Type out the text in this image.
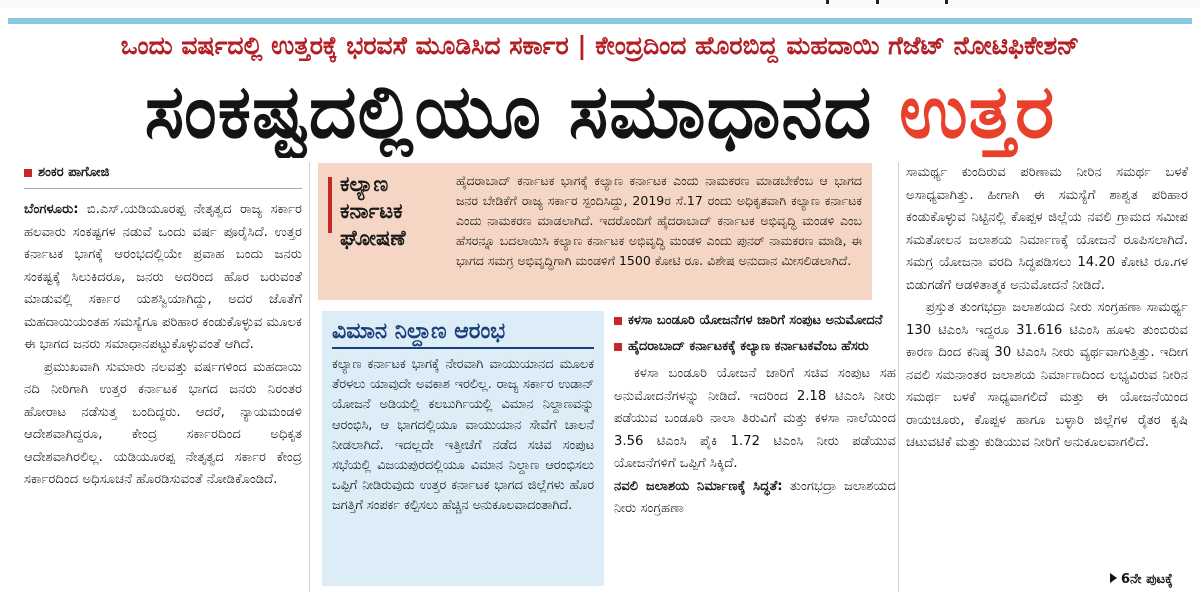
ಒಂದು ವರ್ಷದಲ್ಲಿ ಉತ್ತರಕ್ಕೆ ಭರವಸೆ ಮೂಡಿಸಿದ ಸರ್ಕಾರ | ಕೇಂದ್ರದಿಂದ ಹೊರಬಿದ್ದ ಮಹದಾಯಿ ಗೆಜೆಟ್ ನೋಟಿಫಿಕೇಶನ್
ಸಂಕಷ್ಟದಲ್ಲಿಯೂ ಸಮಾಧಾನದ ಉತ್ತರ
ಶಂಕರ ಪಾಗೋಜಿ

ಬೆಂಗಳೂರು: ಬಿ.ಎಸ್.ಯಡಿಯೂರಪ್ಪ ನೇತೃತ್ವದ ರಾಜ್ಯ ಸರ್ಕಾರ ಹಲವಾರು ಸಂಕಷ್ಟಗಳ ನಡುವೆ ಒಂದು ವರ್ಷ ಪೂರೈಸಿದೆ. ಉತ್ತರ ಕರ್ನಾಟಕ ಭಾಗಕ್ಕೆ ಆರಂಭದಲ್ಲಿಯೇ ಪ್ರವಾಹ ಬಂದು ಜನರು ಸಂಕಷ್ಟಕ್ಕೆ ಸಿಲುಕಿದರೂ, ಜನರು ಅದರಿಂದ ಹೊರ ಬರುವಂತೆ ಮಾಡುವಲ್ಲಿ ಸರ್ಕಾರ ಯಶಸ್ವಿಯಾಗಿದ್ದು, ಅದರ ಜೊತೆಗೆ ಮಹದಾಯಿಯಂತಹ ಸಮಸ್ಯೆಗೂ ಪರಿಹಾರ ಕಂಡುಕೊಳ್ಳುವ ಮೂಲಕ ಈ ಭಾಗದ ಜನರು ಸಮಾಧಾನಪಟ್ಟುಕೊಳ್ಳುವಂತೆ ಆಗಿದೆ.

ಪ್ರಮುಖವಾಗಿ ಸುಮಾರು ನಲವತ್ತು ವರ್ಷಗಳಿಂದ ಮಹದಾಯಿ ನದಿ ನೀರಿಗಾಗಿ ಉತ್ತರ ಕರ್ನಾಟಕ ಭಾಗದ ಜನರು ನಿರಂತರ ಹೋರಾಟ ನಡೆಸುತ್ತ ಬಂದಿದ್ದರು. ಆದರೆ, ನ್ಯಾಯಮಂಡಳಿ ಆದೇಶವಾಗಿದ್ದರೂ, ಕೇಂದ್ರ ಸರ್ಕಾರದಿಂದ ಅಧಿಕೃತ ಆದೇಶವಾಗಿರಲಿಲ್ಲ. ಯಡಿಯೂರಪ್ಪ ನೇತೃತ್ವದ ಸರ್ಕಾರ ಕೇಂದ್ರ ಸರ್ಕಾರದಿಂದ ಅಧಿಸೂಚನೆ ಹೊರಡಿಸುವಂತೆ ನೋಡಿಕೊಂಡಿದೆ.

ಕಲ್ಯಾಣ ಕರ್ನಾಟಕ ಘೋಷಣೆ
ಹೈದರಾಬಾದ್ ಕರ್ನಾಟಕ ಭಾಗಕ್ಕೆ ಕಲ್ಯಾಣ ಕರ್ನಾಟಕ ಎಂದು ನಾಮಕರಣ ಮಾಡಬೇಕೆಂಬ ಆ ಭಾಗದ ಜನರ ಬೇಡಿಕೆಗೆ ರಾಜ್ಯ ಸರ್ಕಾರ ಸ್ಪಂದಿಸಿದ್ದು, 2019ರ ಸೆ.17 ರಂದು ಅಧಿಕೃತವಾಗಿ ಕಲ್ಯಾಣ ಕರ್ನಾಟಕ ಎಂದು ನಾಮಕರಣ ಮಾಡಲಾಗಿದೆ. ಇದರೊಂದಿಗೆ ಹೈದರಾಬಾದ್ ಕರ್ನಾಟಕ ಅಭಿವೃದ್ಧಿ ಮಂಡಳಿ ಎಂಬ ಹೆಸರನ್ನೂ ಬದಲಾಯಿಸಿ ಕಲ್ಯಾಣ ಕರ್ನಾಟಕ ಅಭಿವೃದ್ಧಿ ಮಂಡಳಿ ಎಂದು ಪುನರ್ ನಾಮಕರಣ ಮಾಡಿ, ಈ ಭಾಗದ ಸಮಗ್ರ ಅಭಿವೃದ್ಧಿಗಾಗಿ ಮಂಡಳಿಗೆ 1500 ಕೋಟಿ ರೂ. ವಿಶೇಷ ಅನುದಾನ ಮೀಸಲಿಡಲಾಗಿದೆ.
ವಿಮಾನ ನಿಲ್ದಾಣ ಆರಂಭ
ಕಲ್ಯಾಣ ಕರ್ನಾಟಕ ಭಾಗಕ್ಕೆ ನೇರವಾಗಿ ವಾಯುಯಾನದ ಮೂಲಕ ತೆರಳಲು ಯಾವುದೇ ಅವಕಾಶ ಇರಲಿಲ್ಲ. ರಾಜ್ಯ ಸರ್ಕಾರ ಉಡಾನ್ ಯೋಜನೆ ಅಡಿಯಲ್ಲಿ ಕಲಬುರ್ಗಿಯಲ್ಲಿ ವಿಮಾನ ನಿಲ್ದಾಣವನ್ನು ಆರಂಭಿಸಿ, ಆ ಭಾಗದಲ್ಲಿಯೂ ವಾಯುಯಾನ ಸೇವೆಗೆ ಚಾಲನೆ ನೀಡಲಾಗಿದೆ. ಇದಲ್ಲದೇ ಇತ್ತೀಚೆಗೆ ನಡೆದ ಸಚಿವ ಸಂಪುಟ ಸಭೆಯಲ್ಲಿ ವಿಜಯಪುರದಲ್ಲಿಯೂ ವಿಮಾನ ನಿಲ್ದಾಣ ಆರಂಭಿಸಲು ಒಪ್ಪಿಗೆ ನೀಡಿರುವುದು ಉತ್ತರ ಕರ್ನಾಟಕ ಭಾಗದ ಜಿಲ್ಲೆಗಳು ಹೊರ ಜಗತ್ತಿಗೆ ಸಂಪರ್ಕ ಕಲ್ಪಿಸಲು ಹೆಚ್ಚಿನ ಅನುಕೂಲವಾದಂತಾಗಿದೆ.
ಕಳಸಾ ಬಂಡೂರಿ ಯೋಜನೆಗಳ ಜಾರಿಗೆ ಸಂಪುಟ ಅನುಮೋದನೆ
ಹೈದರಾಬಾದ್ ಕರ್ನಾಟಕಕ್ಕೆ ಕಲ್ಯಾಣ ಕರ್ನಾಟಕವೆಂಬ ಹೆಸರು

ಕಳಸಾ ಬಂಡೂರಿ ಯೋಜನೆ ಜಾರಿಗೆ ಸಚಿವ ಸಂಪುಟ ಸಹ ಅನುಮೋದನೆಗಳನ್ನು ನೀಡಿದೆ. ಇದರಿಂದ 2.18 ಟಿಎಂಸಿ ನೀರು ಪಡೆಯುವ ಬಂಡೂರಿ ನಾಲಾ ತಿರುವಿಗೆ ಮತ್ತು ಕಳಸಾ ನಾಲೆಯಿಂದ 3.56 ಟಿಎಂಸಿ ಪೈಕಿ 1.72 ಟಿಎಂಸಿ ನೀರು ಪಡೆಯುವ ಯೋಜನೆಗಳಿಗೆ ಒಪ್ಪಿಗೆ ಸಿಕ್ಕಿದೆ.

ನವಲಿ ಜಲಾಶಯ ನಿರ್ಮಾಣಕ್ಕೆ ಸಿದ್ಧತೆ: ತುಂಗಭದ್ರಾ ಜಲಾಶಯದ ನೀರು ಸಂಗ್ರಹಣಾ

ಸಾಮರ್ಥ್ಯ ಕುಂದಿರುವ ಪರಿಣಾಮ ನೀರಿನ ಸಮರ್ಥ ಬಳಕೆ ಅಸಾಧ್ಯವಾಗಿತ್ತು. ಹೀಗಾಗಿ ಈ ಸಮಸ್ಯೆಗೆ ಶಾಶ್ವತ ಪರಿಹಾರ ಕಂಡುಕೊಳ್ಳುವ ನಿಟ್ಟಿನಲ್ಲಿ ಕೊಪ್ಪಳ ಜಿಲ್ಲೆಯ ನವಲಿ ಗ್ರಾಮದ ಸಮೀಪ ಸಮತೋಲನ ಜಲಾಶಯ ನಿರ್ಮಾಣಕ್ಕೆ ಯೋಜನೆ ರೂಪಿಸಲಾಗಿದೆ. ಸಮಗ್ರ ಯೋಜನಾ ವರದಿ ಸಿದ್ಧಪಡಿಸಲು 14.20 ಕೋಟಿ ರೂ.ಗಳ ಬಿಡುಗಡೆಗೆ ಆಡಳಿತಾತ್ಮಕ ಅನುಮೋದನೆ ನೀಡಿದೆ.

ಪ್ರಸ್ತುತ ತುಂಗಭದ್ರಾ ಜಲಾಶಯದ ನೀರು ಸಂಗ್ರಹಣಾ ಸಾಮರ್ಥ್ಯ 130 ಟಿಎಂಸಿ ಇದ್ದರೂ 31.616 ಟಿಎಂಸಿ ಹೂಳು ತುಂಬಿರುವ ಕಾರಣ ದಿಂದ ಕನಿಷ್ಠ 30 ಟಿಎಂಸಿ ನೀರು ವ್ಯರ್ಥವಾಗುತ್ತಿತ್ತು. ಇದೀಗ ನವಲಿ ಸಮನಾಂತರ ಜಲಾಶಯ ನಿರ್ಮಾಣದಿಂದ ಲಭ್ಯವಿರುವ ನೀರಿನ ಸಮರ್ಥ ಬಳಕೆ ಸಾಧ್ಯವಾಗಲಿದೆ ಮತ್ತು ಈ ಯೋಜನೆಯಿಂದ ರಾಯಚೂರು, ಕೊಪ್ಪಳ ಹಾಗೂ ಬಳ್ಳಾರಿ ಜಿಲ್ಲೆಗಳ ರೈತರ ಕೃಷಿ ಚಟುವಟಿಕೆ ಮತ್ತು ಕುಡಿಯುವ ನೀರಿಗೆ ಅನುಕೂಲವಾಗಲಿದೆ.

6ನೇ ಪುಟಕ್ಕೆ
